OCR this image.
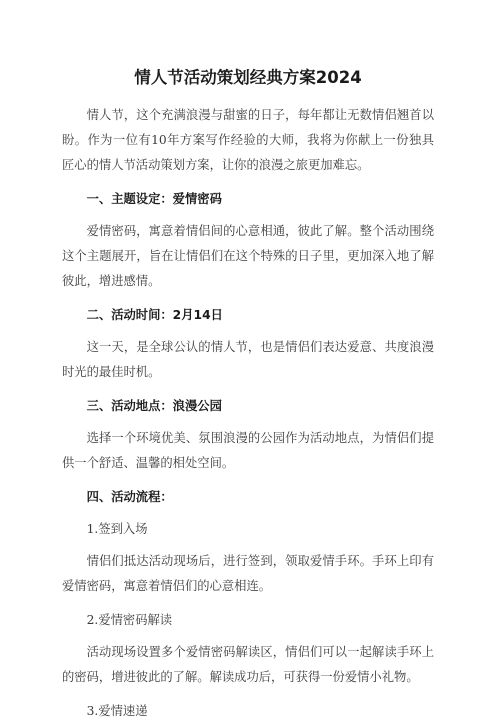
情人节活动策划经典方案2024

情人节，这个充满浪漫与甜蜜的日子，每年都让无数情侣翘首以盼。作为一位有10年方案写作经验的大师，我将为你献上一份独具匠心的情人节活动策划方案，让你的浪漫之旅更加难忘。

一、主题设定：爱情密码

爱情密码，寓意着情侣间的心意相通，彼此了解。整个活动围绕这个主题展开，旨在让情侣们在这个特殊的日子里，更加深入地了解彼此，增进感情。

二、活动时间：2月14日

这一天，是全球公认的情人节，也是情侣们表达爱意、共度浪漫时光的最佳时机。

三、活动地点：浪漫公园

选择一个环境优美、氛围浪漫的公园作为活动地点，为情侣们提供一个舒适、温馨的相处空间。

四、活动流程：
1.签到入场

情侣们抵达活动现场后，进行签到，领取爱情手环。手环上印有爱情密码，寓意着情侣们的心意相连。

2.爱情密码解读

活动现场设置多个爱情密码解读区，情侣们可以一起解读手环上的密码，增进彼此的了解。解读成功后，可获得一份爱情小礼物。

3.爱情速递
